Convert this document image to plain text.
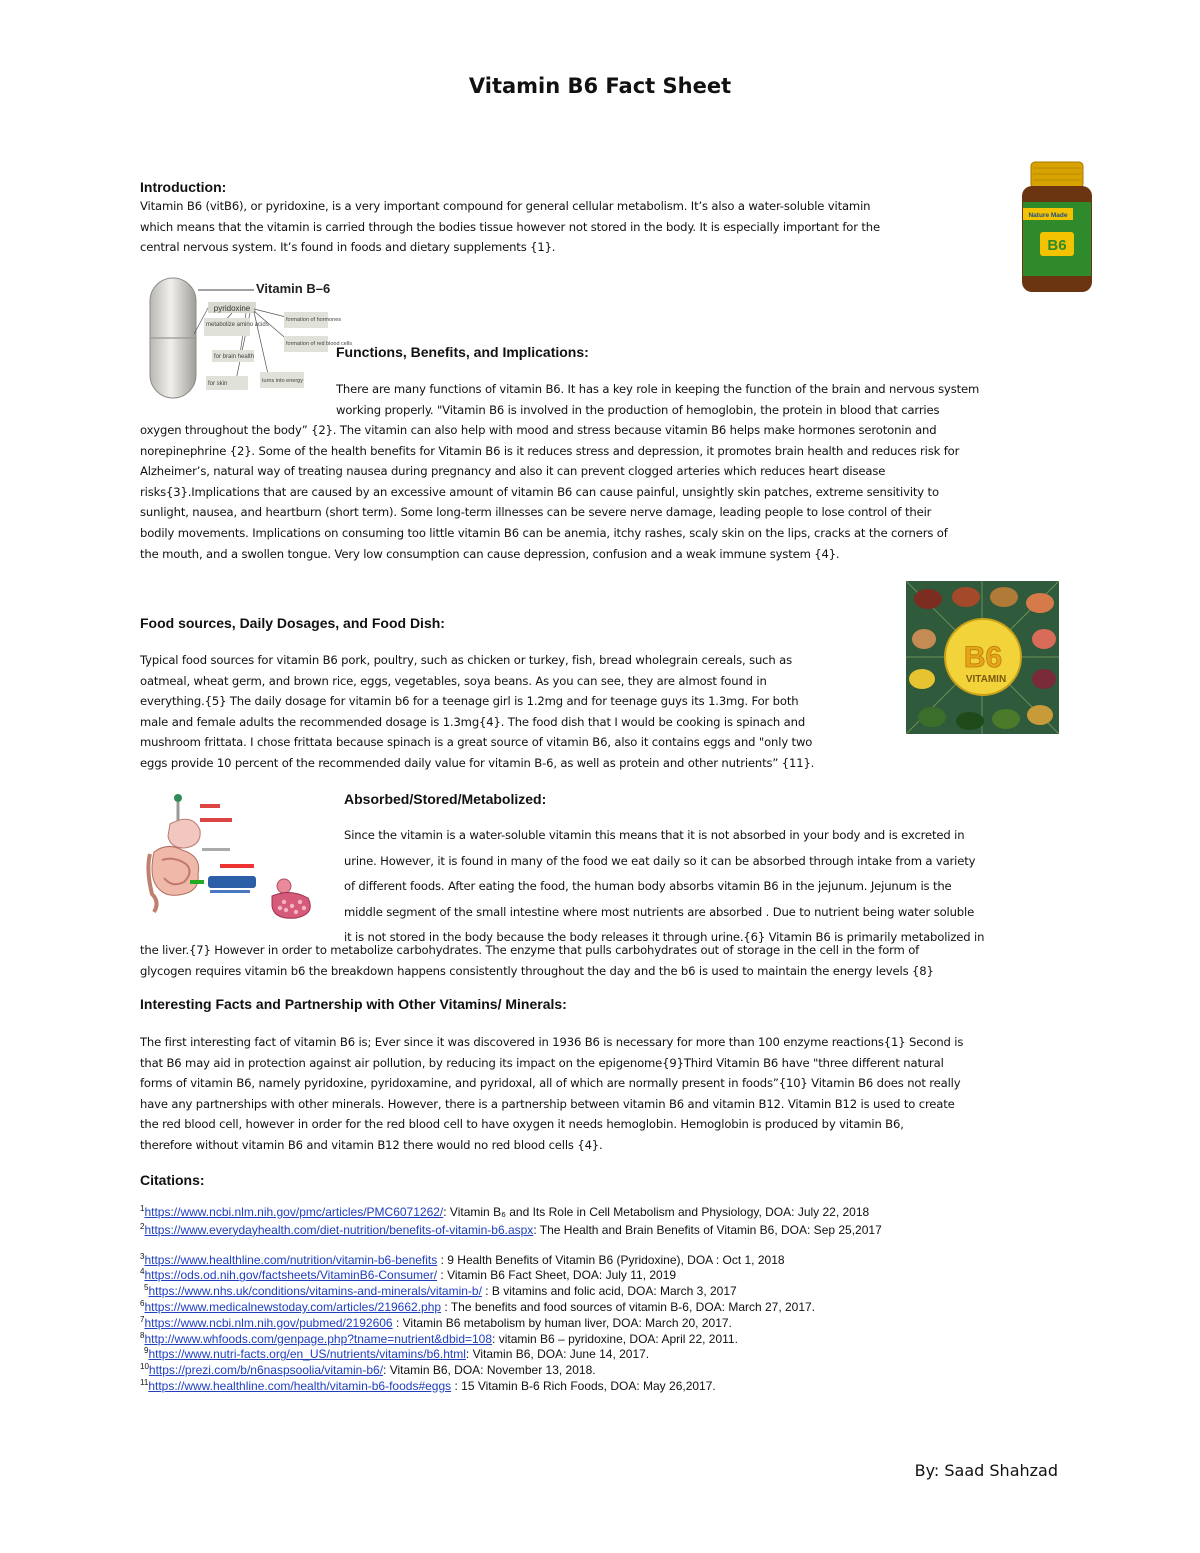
Vitamin B6 Fact Sheet
Introduction:
Vitamin B6 (vitB6), or pyridoxine, is a very important compound for general cellular metabolism. It’s also a water-soluble vitamin
which means that the vitamin is carried through the bodies tissue however not stored in the body. It is especially important for the
central nervous system. It’s found in foods and dietary supplements {1}.
Nature Made
B6
Vitamin B–6
pyridoxine
metabolize amino acids
for brain health
for skin
formation of hormones
formation of red blood cells
turns into energy
Functions, Benefits, and Implications:
There are many functions of vitamin B6. It has a key role in keeping the function of the brain and nervous system
working properly. "Vitamin B6 is involved in the production of hemoglobin, the protein in blood that carries
oxygen throughout the body” {2}. The vitamin can also help with mood and stress because vitamin B6 helps make hormones serotonin and
norepinephrine {2}. Some of the health benefits for Vitamin B6 is it reduces stress and depression, it promotes brain health and reduces risk for
Alzheimer’s, natural way of treating nausea during pregnancy and also it can prevent clogged arteries which reduces heart disease
risks{3}.Implications that are caused by an excessive amount of vitamin B6 can cause painful, unsightly skin patches, extreme sensitivity to
sunlight, nausea, and heartburn (short term). Some long-term illnesses can be severe nerve damage, leading people to lose control of their
bodily movements. Implications on consuming too little vitamin B6 can be anemia, itchy rashes, scaly skin on the lips, cracks at the corners of
the mouth, and a swollen tongue. Very low consumption can cause depression, confusion and a weak immune system {4}.
B6
VITAMIN
Food sources, Daily Dosages, and Food Dish:
Typical food sources for vitamin B6 pork, poultry, such as chicken or turkey, fish, bread wholegrain cereals, such as
oatmeal, wheat germ, and brown rice, eggs, vegetables, soya beans. As you can see, they are almost found in
everything.{5} The daily dosage for vitamin b6 for a teenage girl is 1.2mg and for teenage guys its 1.3mg. For both
male and female adults the recommended dosage is 1.3mg{4}. The food dish that I would be cooking is spinach and
mushroom frittata. I chose frittata because spinach is a great source of vitamin B6, also it contains eggs and "only two
eggs provide 10 percent of the recommended daily value for vitamin B-6, as well as protein and other nutrients” {11}.
Absorbed/Stored/Metabolized:
Since the vitamin is a water-soluble vitamin this means that it is not absorbed in your body and is excreted in
urine. However, it is found in many of the food we eat daily so it can be absorbed through intake from a variety
of different foods. After eating the food, the human body absorbs vitamin B6 in the jejunum. Jejunum is the
middle segment of the small intestine where most nutrients are absorbed . Due to nutrient being water soluble
it is not stored in the body because the body releases it through urine.{6} Vitamin B6 is primarily metabolized in
the liver.{7} However in order to metabolize carbohydrates. The enzyme that pulls carbohydrates out of storage in the cell in the form of
glycogen requires vitamin b6 the breakdown happens consistently throughout the day and the b6 is used to maintain the energy levels {8}
Interesting Facts and Partnership with Other Vitamins/ Minerals:
The first interesting fact of vitamin B6 is; Ever since it was discovered in 1936 B6 is necessary for more than 100 enzyme reactions{1} Second is
that B6 may aid in protection against air pollution, by reducing its impact on the epigenome{9}Third Vitamin B6 have "three different natural
forms of vitamin B6, namely pyridoxine, pyridoxamine, and pyridoxal, all of which are normally present in foods”{10} Vitamin B6 does not really
have any partnerships with other minerals. However, there is a partnership between vitamin B6 and vitamin B12. Vitamin B12 is used to create
the red blood cell, however in order for the red blood cell to have oxygen it needs hemoglobin. Hemoglobin is produced by vitamin B6,
therefore without vitamin B6 and vitamin B12 there would no red blood cells {4}.
Citations:
$^1$https://www.ncbi.nlm.nih.gov/pmc/articles/PMC6071262/: Vitamin B₆ and Its Role in Cell Metabolism and Physiology, DOA: July 22, 2018
$^2$https://www.everydayhealth.com/diet-nutrition/benefits-of-vitamin-b6.aspx: The Health and Brain Benefits of Vitamin B6, DOA: Sep 25,2017
$^3$https://www.healthline.com/nutrition/vitamin-b6-benefits : 9 Health Benefits of Vitamin B6 (Pyridoxine), DOA : Oct 1, 2018
$^4$https://ods.od.nih.gov/factsheets/VitaminB6-Consumer/ : Vitamin B6 Fact Sheet, DOA: July 11, 2019
$^5$https://www.nhs.uk/conditions/vitamins-and-minerals/vitamin-b/ : B vitamins and folic acid, DOA: March 3, 2017
$^6$https://www.medicalnewstoday.com/articles/219662.php : The benefits and food sources of vitamin B-6, DOA: March 27, 2017.
$^7$https://www.ncbi.nlm.nih.gov/pubmed/2192606 : Vitamin B6 metabolism by human liver, DOA: March 20, 2017.
$^8$http://www.whfoods.com/genpage.php?tname=nutrient&dbid=108: vitamin B6 – pyridoxine, DOA: April 22, 2011.
$^9$https://www.nutri-facts.org/en_US/nutrients/vitamins/b6.html: Vitamin B6, DOA: June 14, 2017.
$^{10}$https://prezi.com/b/n6naspsoolia/vitamin-b6/: Vitamin B6, DOA: November 13, 2018.
$^{11}$https://www.healthline.com/health/vitamin-b6-foods#eggs : 15 Vitamin B-6 Rich Foods, DOA: May 26,2017.
By: Saad Shahzad
